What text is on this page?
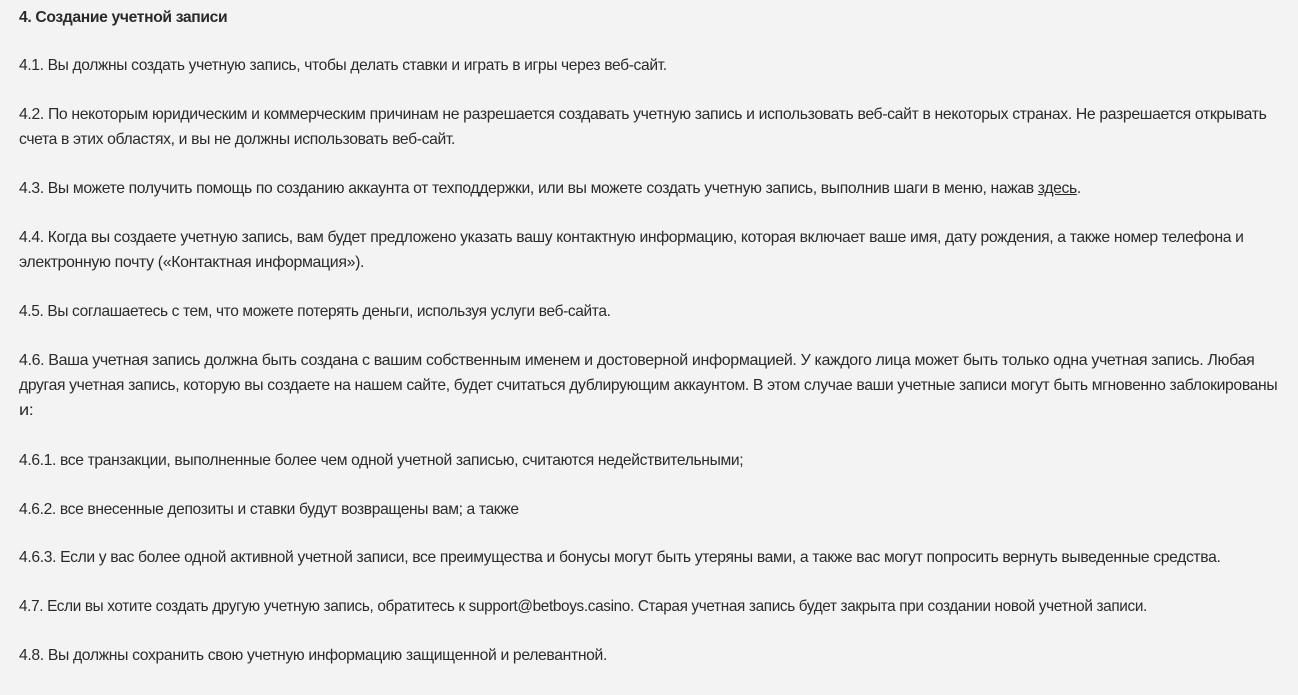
4. Создание учетной записи
4.1. Вы должны создать учетную запись, чтобы делать ставки и играть в игры через веб-сайт.
4.2. По некоторым юридическим и коммерческим причинам не разрешается создавать учетную запись и использовать веб-сайт в некоторых странах. Не разрешается открывать
счета в этих областях, и вы не должны использовать веб-сайт.
4.3. Вы можете получить помощь по созданию аккаунта от техподдержки, или вы можете создать учетную запись, выполнив шаги в меню, нажав здесь.
4.4. Когда вы создаете учетную запись, вам будет предложено указать вашу контактную информацию, которая включает ваше имя, дату рождения, а также номер телефона и
электронную почту («Контактная информация»).
4.5. Вы соглашаетесь с тем, что можете потерять деньги, используя услуги веб-сайта.
4.6. Ваша учетная запись должна быть создана с вашим собственным именем и достоверной информацией. У каждого лица может быть только одна учетная запись. Любая
другая учетная запись, которую вы создаете на нашем сайте, будет считаться дублирующим аккаунтом. В этом случае ваши учетные записи могут быть мгновенно заблокированы
и:
4.6.1. все транзакции, выполненные более чем одной учетной записью, считаются недействительными;
4.6.2. все внесенные депозиты и ставки будут возвращены вам; а также
4.6.3. Если у вас более одной активной учетной записи, все преимущества и бонусы могут быть утеряны вами, а также вас могут попросить вернуть выведенные средства.
4.7. Если вы хотите создать другую учетную запись, обратитесь к support@betboys.casino. Старая учетная запись будет закрыта при создании новой учетной записи.
4.8. Вы должны сохранить свою учетную информацию защищенной и релевантной.
